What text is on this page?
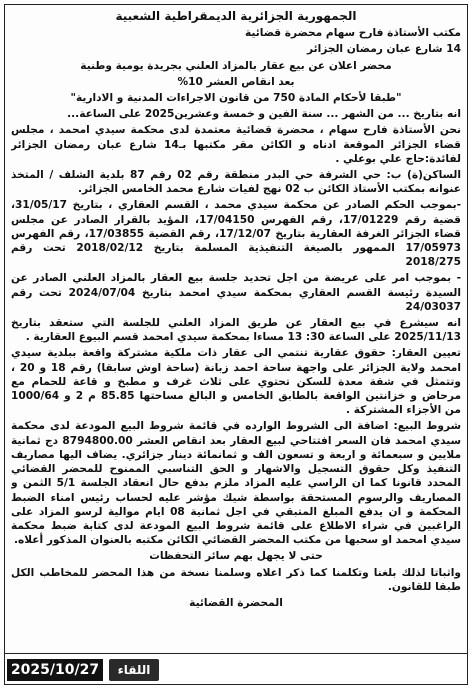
الجمهورية الجزائرية الديمقراطية الشعبية

مكتب الأستاذة فارح سهام محضرة قضائية

14 شارع عبان رمضان الجزائر

محضر اعلان عن بيع عقار بالمزاد العلني بجريدة يومية وطنية

بعد انقاص العشر 10%

"طبقا لأحكام المادة 750 من قانون الاجراءات المدنية و الادارية"

انه بتاريخ ... من الشهر ... سنة الفين و خمسة وعشرين2025 على الساعة...

نحن الأستاذة فارح سهام ، محضرة قضائية معتمدة لدى محكمة سيدي امحمد ، مجلس قضاء الجزائر الموقعة ادناه و الكائن مقر مكتبها بـ14 شارع عبان رمضان الجزائر لفائدة:حاج علي بوعلي .

الساكن(ة) ب: حي الشرفة حي البدر منطقة رقم 02 رقم 87 بلدية الشلف / المتخذ عنوانه بمكتب الأستاذ الكائن ب 02 نهج لفيات شارع محمد الخامس الجزائر.

-بموجب الحكم الصادر عن محكمة سيدي محمد ، القسم العقاري ، بتاريخ 31/05/17، قضية رقم 17/01229، رقم الفهرس 17/04150، المؤيد بالقرار الصادر عن مجلس قضاء الجزائر الغرفة العقارية بتاريخ 17/12/07، رقم القضية 17/03855، رقم الفهرس 17/05973 الممهور بالصيغة التنفيذية المسلمة بتاريخ 2018/02/12 تحت رقم 2018/275

- بموجب امر على عريضة من اجل تحديد جلسة بيع العقار بالمزاد العلني الصادر عن السيدة رئيسة القسم العقاري بمحكمة سيدي امحمد بتاريخ 2024/07/04 تحت رقم 24/03037

انه سيشرع في بيع العقار عن طريق المزاد العلني للجلسة التي ستعقد بتاريخ 2025/11/13 على الساعة 30: 13 مساءا بمحكمة سيدي امحمد قسم البيوع العقارية .

تعيين العقار: حقوق عقارية تنتمي الى عقار ذات ملكية مشتركة واقعة ببلدية سيدي امحمد ولاية الجزائر على واجهة ساحة احمد زبانة (ساحة اوش سابقا) رقم 18 و 20 ، وتتمثل في شقة معدة للسكن تحتوي على ثلاث غرف و مطبخ و قاعة للحمام مع مرحاض و خزانتين الواقعة بالطابق الخامس و البالغ مساحتها 85.85 م 2 و 1000/64 من الأجزاء المشتركة .

شروط البيع: اضافة الى الشروط الوارده في قائمة شروط البيع المودعة لدى محكمة سيدي امحمد فان السعر افتتاحي لبيع العقار بعد انقاص العشر 8794800.00 دج ثمانية ملايين و سبعمائة و اربعة و تسعون الف و ثمانمائة دينار جزائري. يضاف اليها مصاريف التنفيذ وكل حقوق التسجيل والاشهار و الحق التناسبي الممنوح للمحضر القضائي المحدد قانونا كما ان الراسي عليه المزاد ملزم بدفع حال انعقاد الجلسة 5/1 الثمن و المصاريف والرسوم المستحقة بواسطة شيك مؤشر عليه لحساب رئيس امناء الضبط المحكمة و ان يدفع المبلغ المتبقي في اجل ثمانية 08 ايام موالية لرسو المزاد على الراغبين في شراء الاطلاع على قائمة شروط البيع المودعة لدى كتابة ضبط محكمة سيدي امحمد او سحبها من مكتب المحضر القضائي الكائن مكتبه بالعنوان المذكور أعلاه.

حتى لا يجهل بهم سائر التحفظات

واثباتا لذلك بلغنا وتكلمنا كما ذكر اعلاه وسلمنا نسخة من هذا المحضر للمخاطب الكل طبقا للقانون.

المحضرة القضائية

اللقاء
2025/10/27
